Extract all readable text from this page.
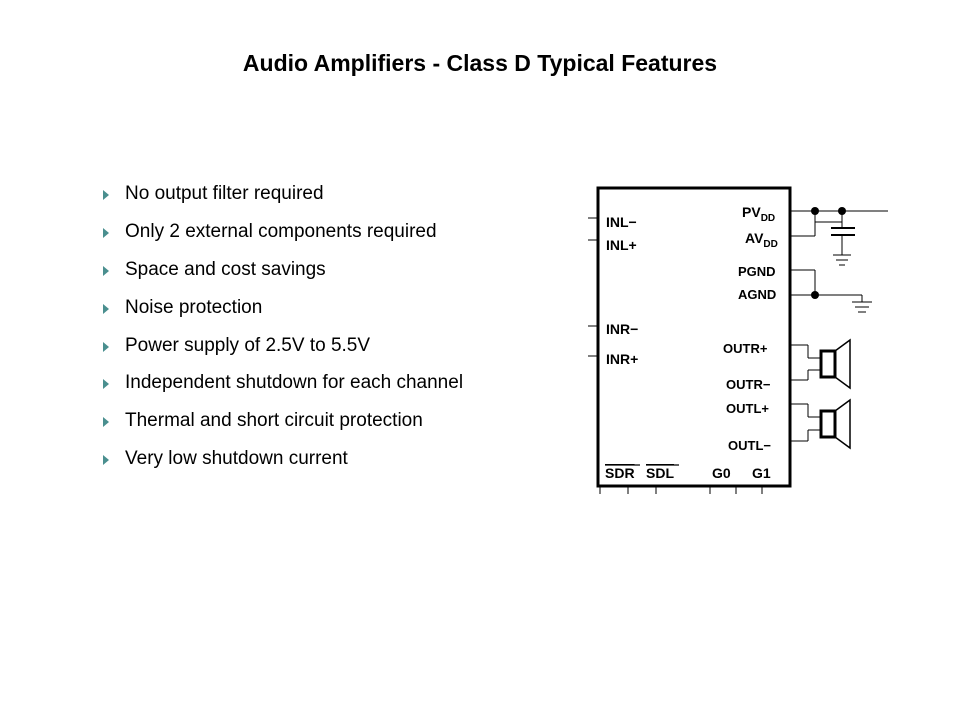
Audio Amplifiers - Class D Typical Features
No output filter required
Only 2 external components required
Space and cost savings
Noise protection
Power supply of 2.5V to 5.5V
Independent shutdown for each channel
Thermal and short circuit protection
Very low shutdown current
INL−
INL+
INR−
INR+
$PV_{DD}$
$AV_{DD}$
PGND
AGND
OUTR+
OUTR−
OUTL+
OUTL−
SDR SDL	G0 G1
